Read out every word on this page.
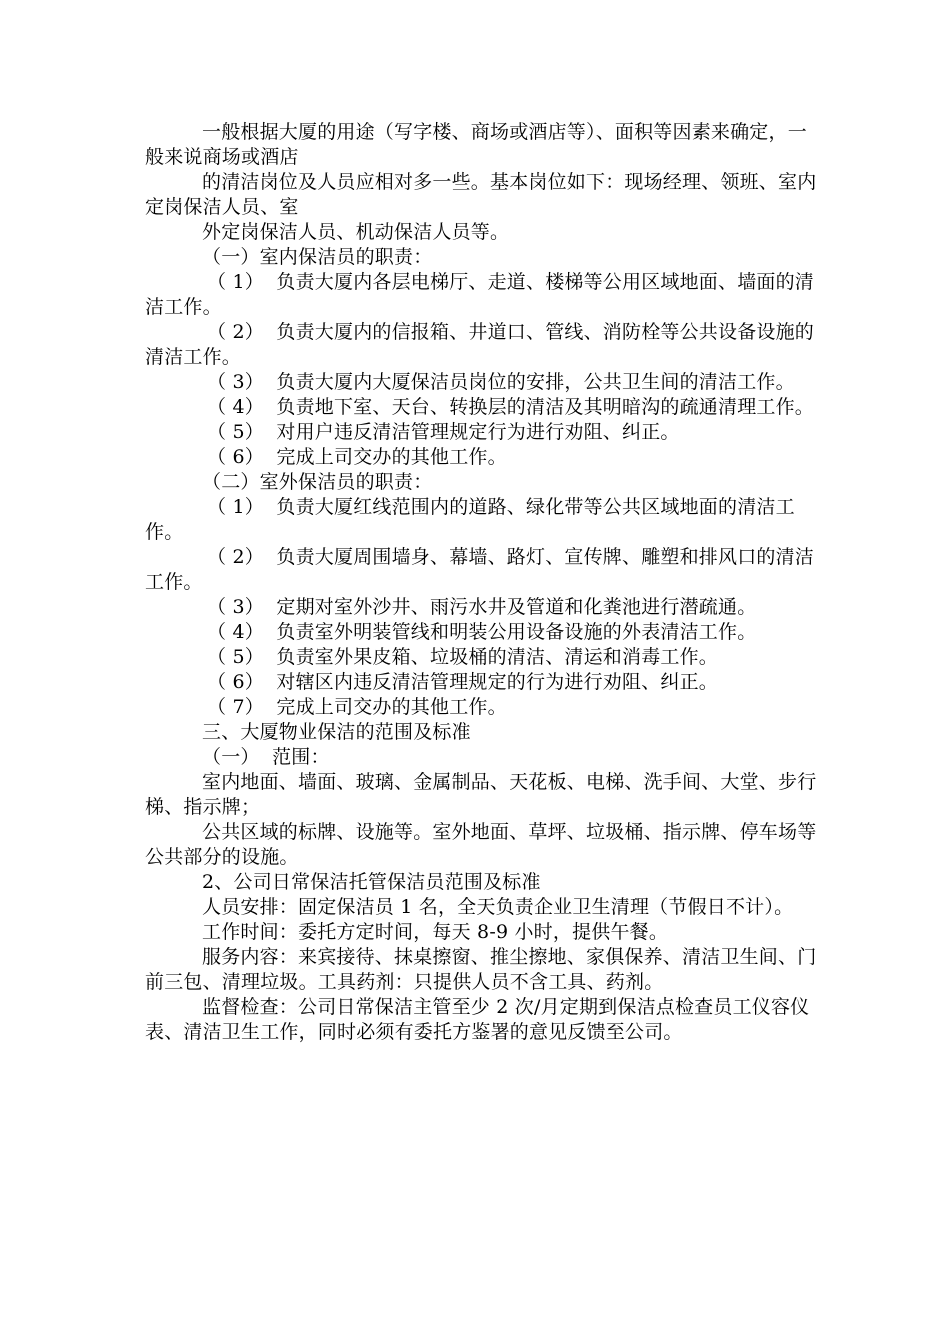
一般根据大厦的用途（写字楼、商场或酒店等）、面积等因素来确定，一般来说商场或酒店

的清洁岗位及人员应相对多一些。基本岗位如下：现场经理、领班、室内定岗保洁人员、室

外定岗保洁人员、机动保洁人员等。

（一）室内保洁员的职责：

（ 1）  负责大厦内各层电梯厅、走道、楼梯等公用区域地面、墙面的清洁工作。

（ 2）  负责大厦内的信报箱、井道口、管线、消防栓等公共设备设施的清洁工作。

（ 3）  负责大厦内大厦保洁员岗位的安排，公共卫生间的清洁工作。

（ 4）  负责地下室、天台、转换层的清洁及其明暗沟的疏通清理工作。

（ 5）  对用户违反清洁管理规定行为进行劝阻、纠正。

（ 6）  完成上司交办的其他工作。

（二）室外保洁员的职责：

（ 1）  负责大厦红线范围内的道路、绿化带等公共区域地面的清洁工作。

（ 2）  负责大厦周围墙身、幕墙、路灯、宣传牌、雕塑和排风口的清洁工作。

（ 3）  定期对室外沙井、雨污水井及管道和化粪池进行潜疏通。

（ 4）  负责室外明装管线和明装公用设备设施的外表清洁工作。

（ 5）  负责室外果皮箱、垃圾桶的清洁、清运和消毒工作。

（ 6）  对辖区内违反清洁管理规定的行为进行劝阻、纠正。

（ 7）  完成上司交办的其他工作。

三、大厦物业保洁的范围及标准

（一）  范围：

室内地面、墙面、玻璃、金属制品、天花板、电梯、洗手间、大堂、步行梯、指示牌；

公共区域的标牌、设施等。室外地面、草坪、垃圾桶、指示牌、停车场等公共部分的设施。

2、公司日常保洁托管保洁员范围及标准

人员安排：固定保洁员 1 名，全天负责企业卫生清理（节假日不计）。

工作时间：委托方定时间，每天 8-9 小时，提供午餐。

服务内容：来宾接待、抹桌擦窗、推尘擦地、家俱保养、清洁卫生间、门前三包、清理垃圾。工具药剂：只提供人员不含工具、药剂。

监督检查：公司日常保洁主管至少 2 次/月定期到保洁点检查员工仪容仪表、清洁卫生工作，同时必须有委托方鉴署的意见反馈至公司。
